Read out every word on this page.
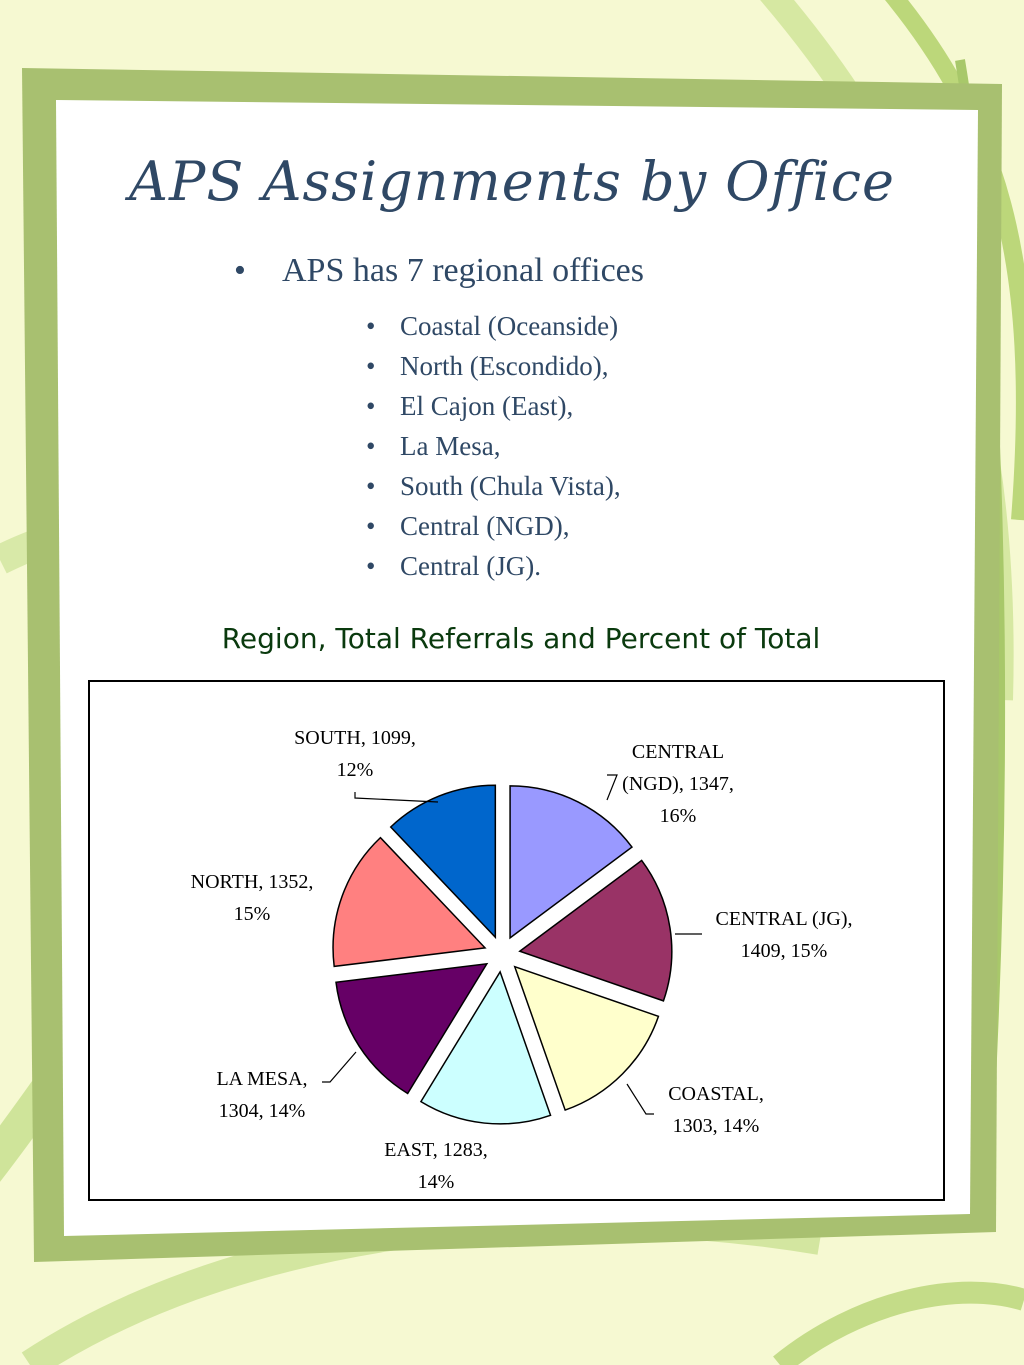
APS Assignments by Office
• APS has 7 regional offices
• Coastal (Oceanside)
• North (Escondido),
• El Cajon (East),
• La Mesa,
• South (Chula Vista),
• Central (NGD),
• Central (JG).
Region, Total Referrals and Percent of Total
CENTRAL (NGD), 1347, 16%
CENTRAL (JG), 1409, 15%
COASTAL, 1303, 14%
EAST, 1283, 14%
LA MESA, 1304, 14%
NORTH, 1352, 15%
SOUTH, 1099, 12%
